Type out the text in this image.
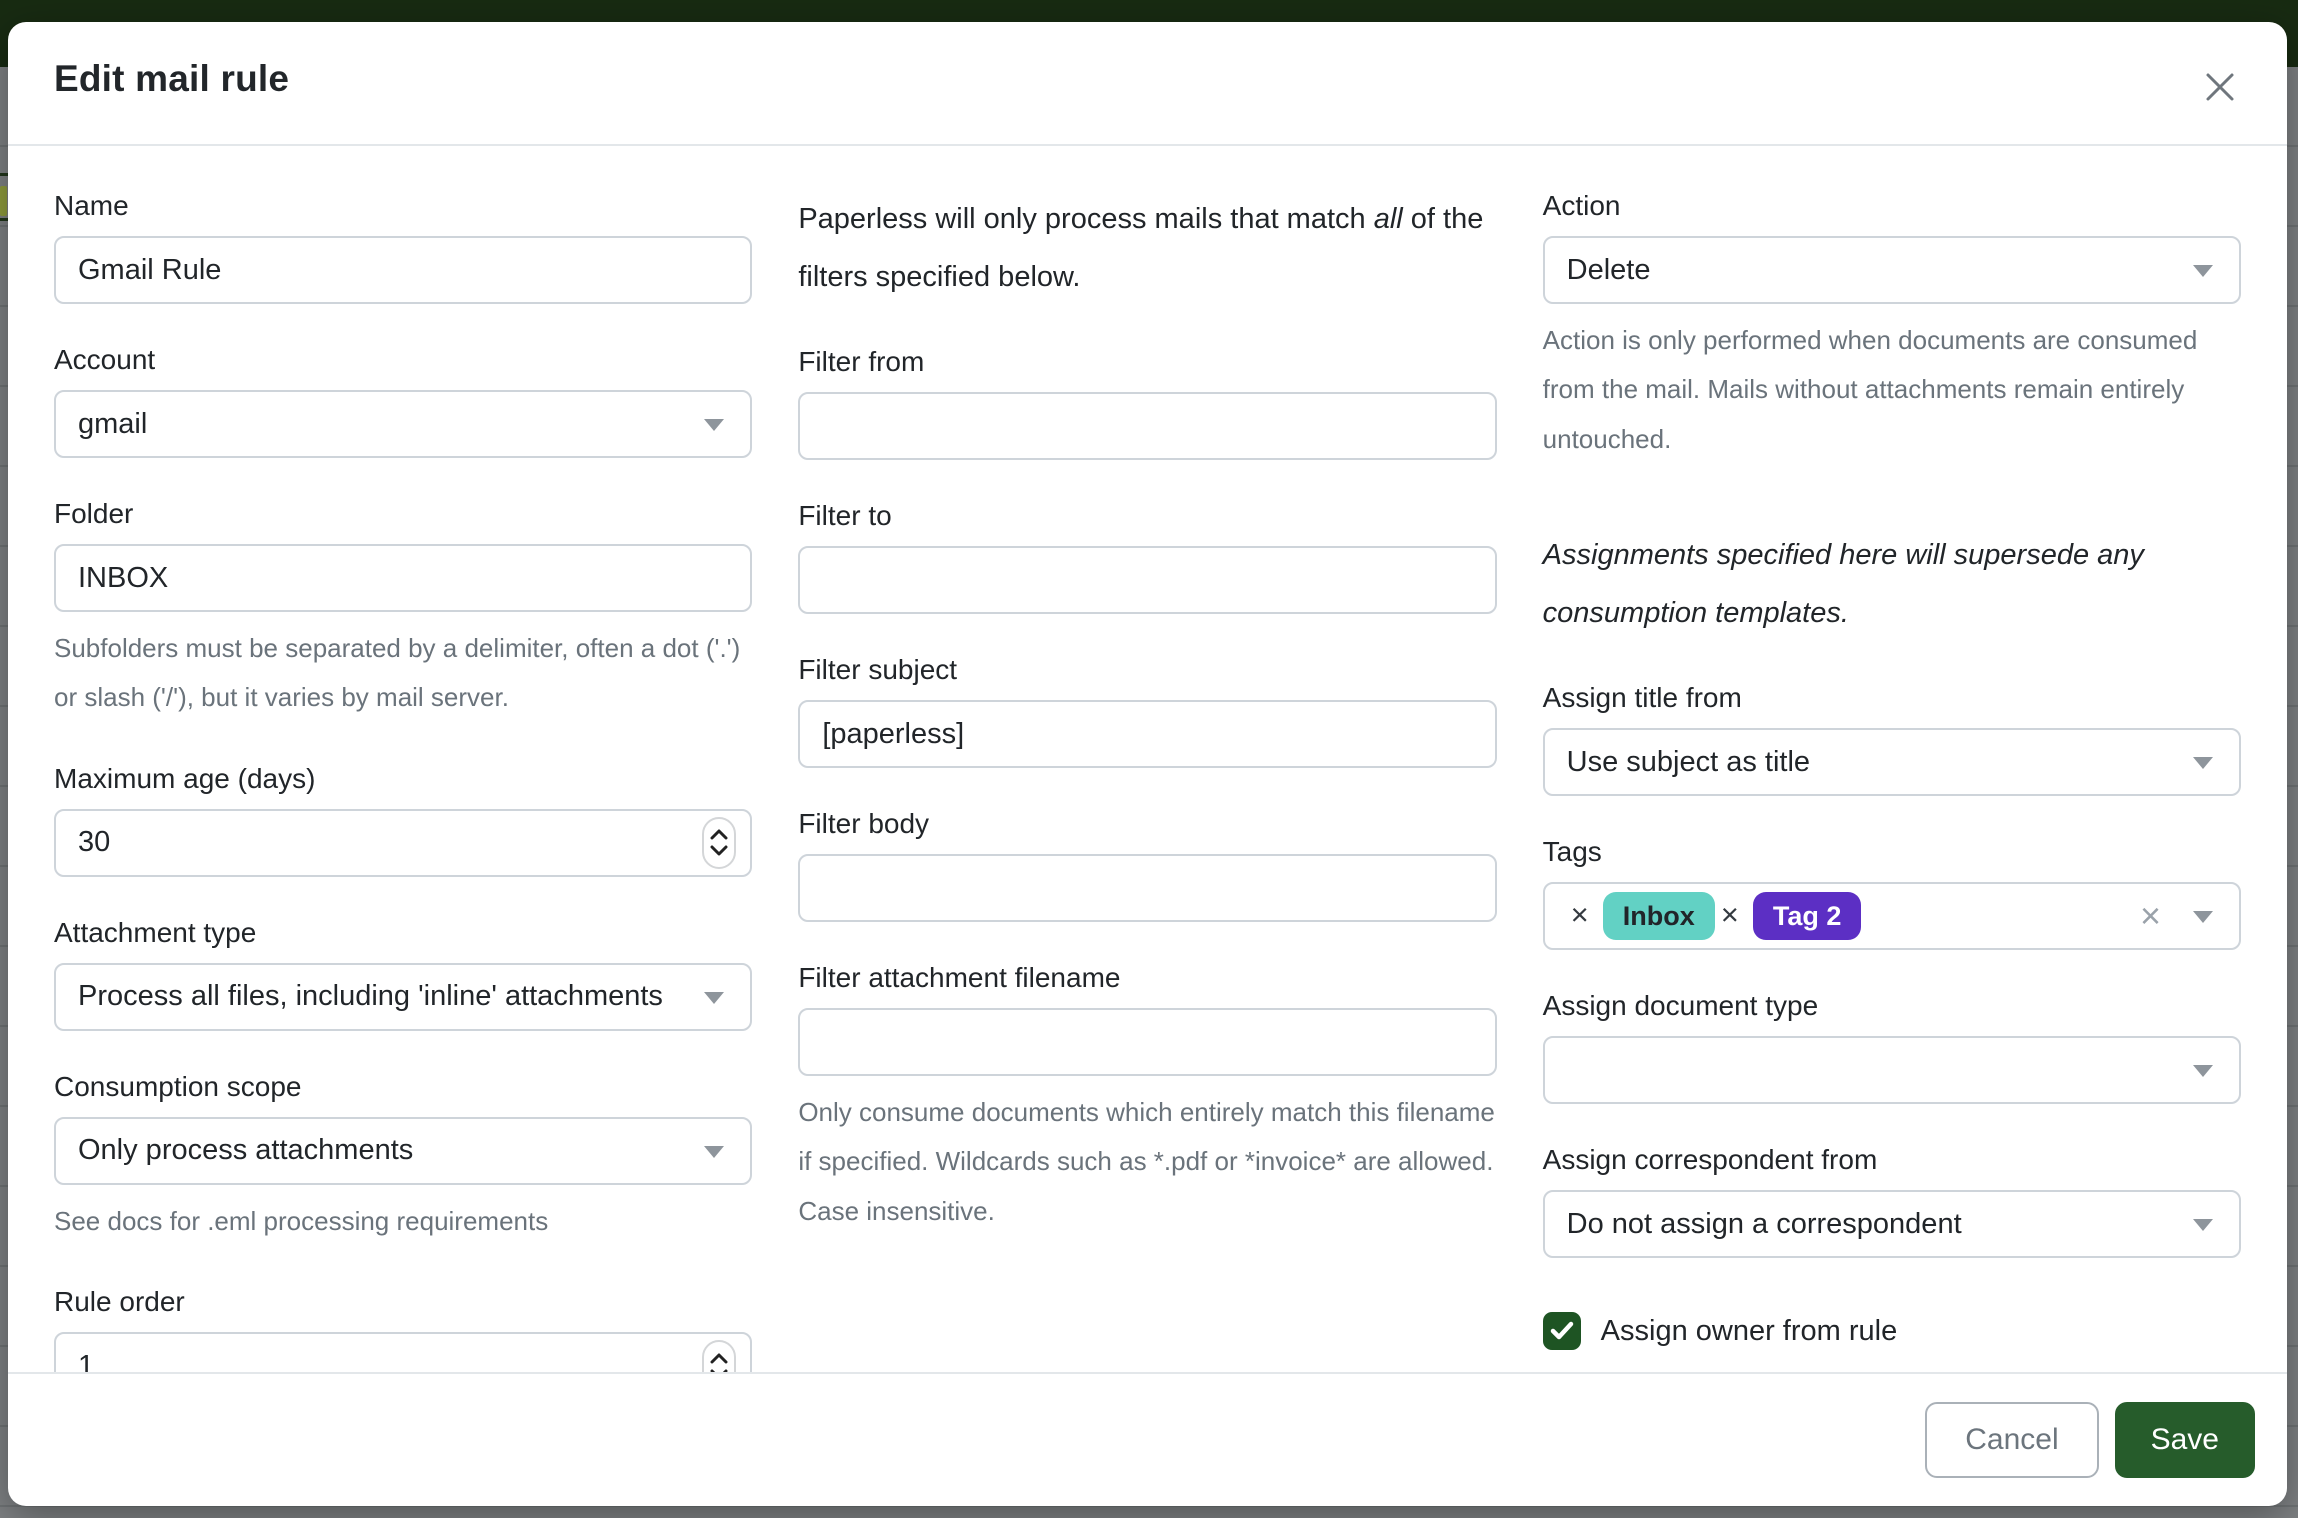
Edit mail rule
Name
Gmail Rule
Account
gmail
Folder
INBOX
Subfolders must be separated by a delimiter, often a dot ('.') or slash ('/'), but it varies by mail server.
Maximum age (days)
30
Attachment type
Process all files, including 'inline' attachments
Consumption scope
Only process attachments
See docs for .eml processing requirements
Rule order
1

Paperless will only process mails that match all of the filters specified below.

Filter from
Filter to
Filter subject
[paperless]
Filter body
Filter attachment filename
Only consume documents which entirely match this filename if specified. Wildcards such as *.pdf or *invoice* are allowed. Case insensitive.
Action
Delete
Action is only performed when documents are consumed from the mail. Mails without attachments remain entirely untouched.

Assignments specified here will supersede any consumption templates.

Assign title from
Use subject as title
Tags
× Inbox × Tag 2	×
Assign document type
Assign correspondent from
Do not assign a correspondent
Assign owner from rule
Cancel	Save
